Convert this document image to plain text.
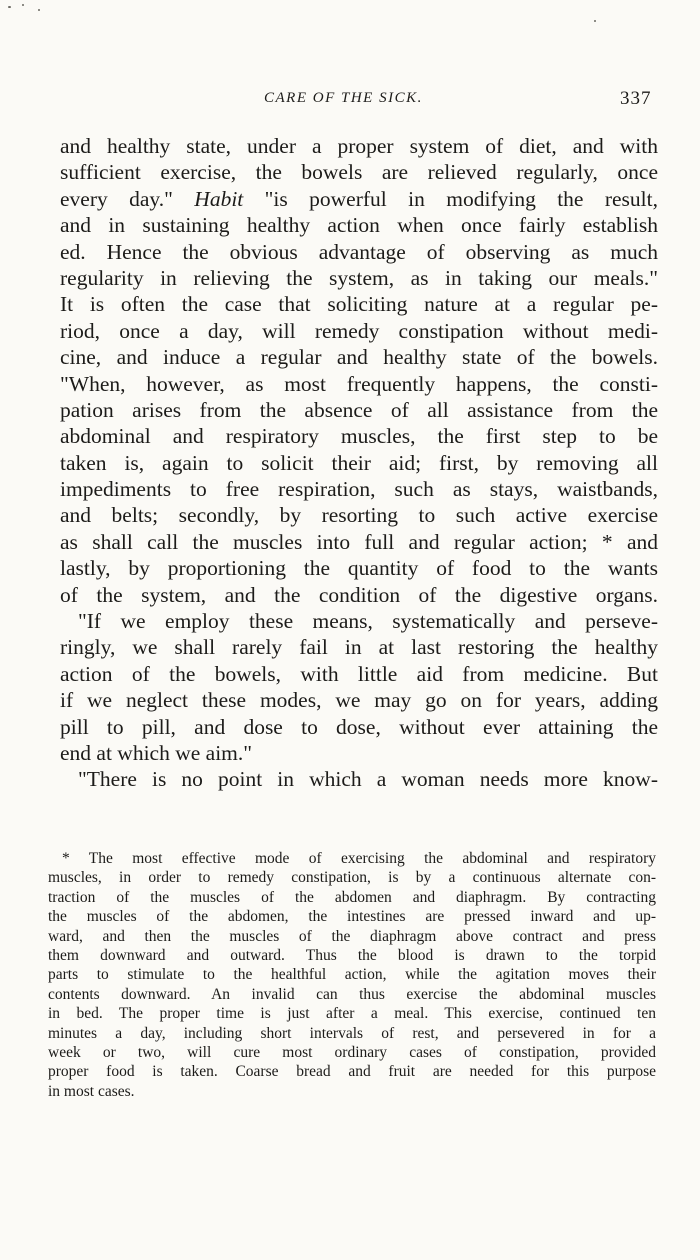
CARE OF THE SICK.	337
and healthy state, under a proper system of diet, and with
sufficient exercise, the bowels are relieved regularly, once
every day." Habit "is powerful in modifying the result,
and in sustaining healthy action when once fairly establish
ed. Hence the obvious advantage of observing as much
regularity in relieving the system, as in taking our meals."
It is often the case that soliciting nature at a regular pe-
riod, once a day, will remedy constipation without medi-
cine, and induce a regular and healthy state of the bowels.
"When, however, as most frequently happens, the consti-
pation arises from the absence of all assistance from the
abdominal and respiratory muscles, the first step to be
taken is, again to solicit their aid; first, by removing all
impediments to free respiration, such as stays, waistbands,
and belts; secondly, by resorting to such active exercise
as shall call the muscles into full and regular action; * and
lastly, by proportioning the quantity of food to the wants
of the system, and the condition of the digestive organs.
"If we employ these means, systematically and perseve-
ringly, we shall rarely fail in at last restoring the healthy
action of the bowels, with little aid from medicine. But
if we neglect these modes, we may go on for years, adding
pill to pill, and dose to dose, without ever attaining the
end at which we aim."
"There is no point in which a woman needs more know-
* The most effective mode of exercising the abdominal and respiratory
muscles, in order to remedy constipation, is by a continuous alternate con-
traction of the muscles of the abdomen and diaphragm. By contracting
the muscles of the abdomen, the intestines are pressed inward and up-
ward, and then the muscles of the diaphragm above contract and press
them downward and outward. Thus the blood is drawn to the torpid
parts to stimulate to the healthful action, while the agitation moves their
contents downward. An invalid can thus exercise the abdominal muscles
in bed. The proper time is just after a meal. This exercise, continued ten
minutes a day, including short intervals of rest, and persevered in for a
week or two, will cure most ordinary cases of constipation, provided
proper food is taken. Coarse bread and fruit are needed for this purpose
in most cases.
